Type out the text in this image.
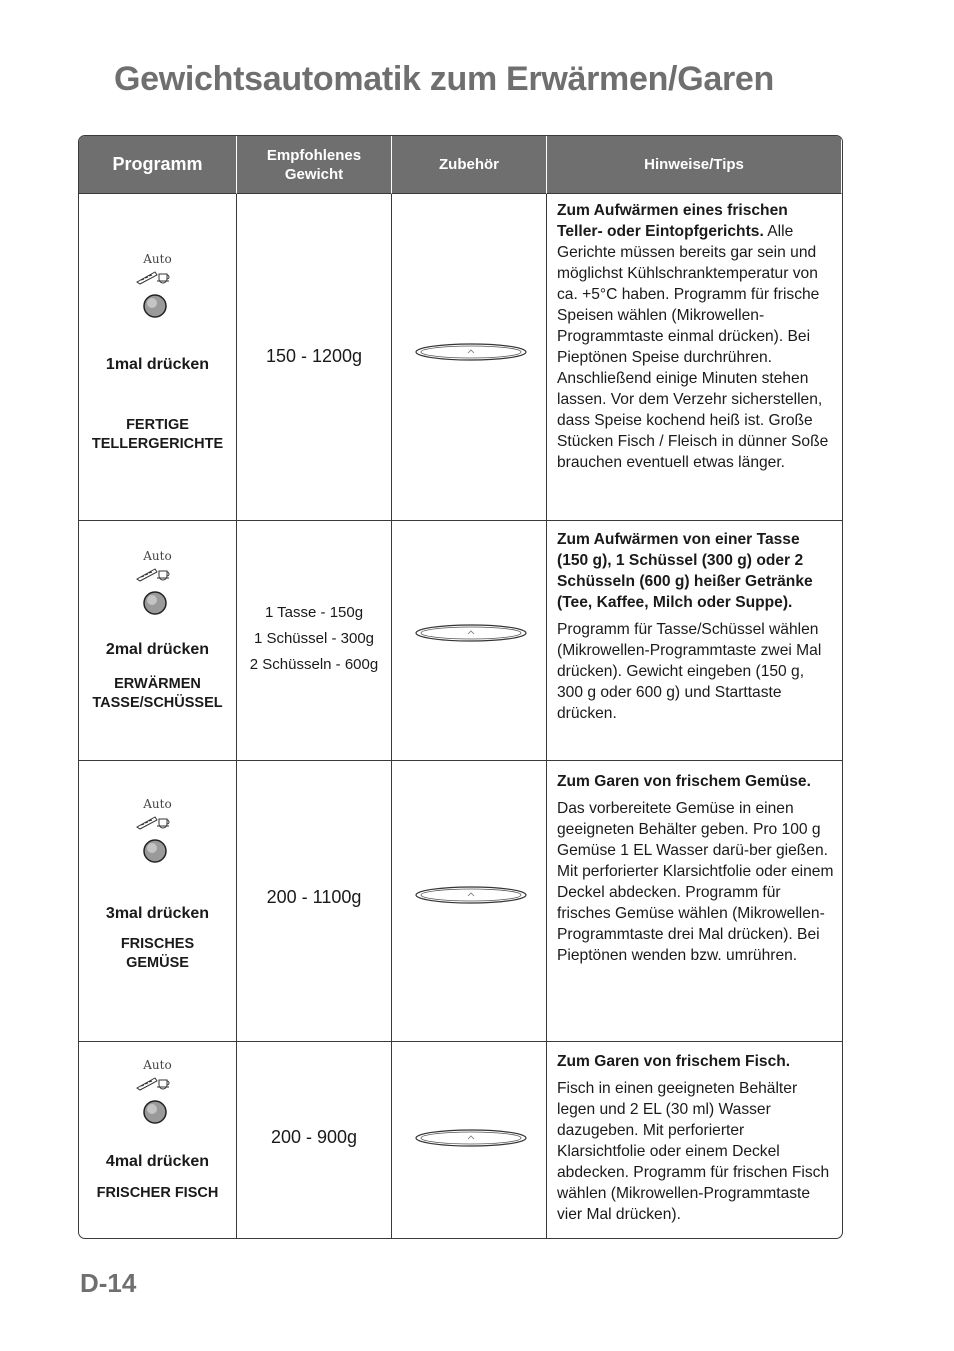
Gewichtsautomatik zum Erwärmen/Garen
Programm	Empfohlenes
Gewicht
Zubehör	Hinweise/Tips
Auto
1mal drücken
FERTIGE
TELLERGERICHTE
150 - 1200g
Zum Aufwärmen eines frischen Teller- oder Eintopfgerichts. Alle Gerichte müssen bereits gar sein und möglichst Kühlschranktemperatur von ca. +5°C haben. Programm für frische Speisen wählen (Mikrowellen-Programmtaste einmal drücken). Bei Pieptönen Speise durchrühren. Anschließend einige Minuten stehen lassen. Vor dem Verzehr sicherstellen, dass Speise kochend heiß ist. Große Stücken Fisch / Fleisch in dünner Soße brauchen eventuell etwas länger.
Auto
2mal drücken
ERWÄRMEN
TASSE/SCHÜSSEL
1 Tasse - 150g
1 Schüssel - 300g
2 Schüsseln - 600g

Zum Aufwärmen von einer Tasse (150 g), 1 Schüssel (300 g) oder 2 Schüsseln (600 g) heißer Getränke (Tee, Kaffee, Milch oder Suppe).

Programm für Tasse/Schüssel wählen (Mikrowellen-Programmtaste zwei Mal drücken). Gewicht eingeben (150 g, 300 g oder 600 g) und Starttaste drücken.

Auto
3mal drücken
FRISCHES
GEMÜSE
200 - 1100g

Zum Garen von frischem Gemüse.

Das vorbereitete Gemüse in einen geeigneten Behälter geben. Pro 100 g Gemüse 1 EL Wasser darü-ber gießen. Mit perforierter Klarsichtfolie oder einem Deckel abdecken. Programm für frisches Gemüse wählen (Mikrowellen-Programmtaste drei Mal drücken). Bei Pieptönen wenden bzw. umrühren.

Auto
4mal drücken
FRISCHER FISCH
200 - 900g

Zum Garen von frischem Fisch.

Fisch in einen geeigneten Behälter legen und 2 EL (30 ml) Wasser dazugeben. Mit perforierter Klarsichtfolie oder einem Deckel abdecken. Programm für frischen Fisch wählen (Mikrowellen-Programmtaste vier Mal drücken).

D-14
